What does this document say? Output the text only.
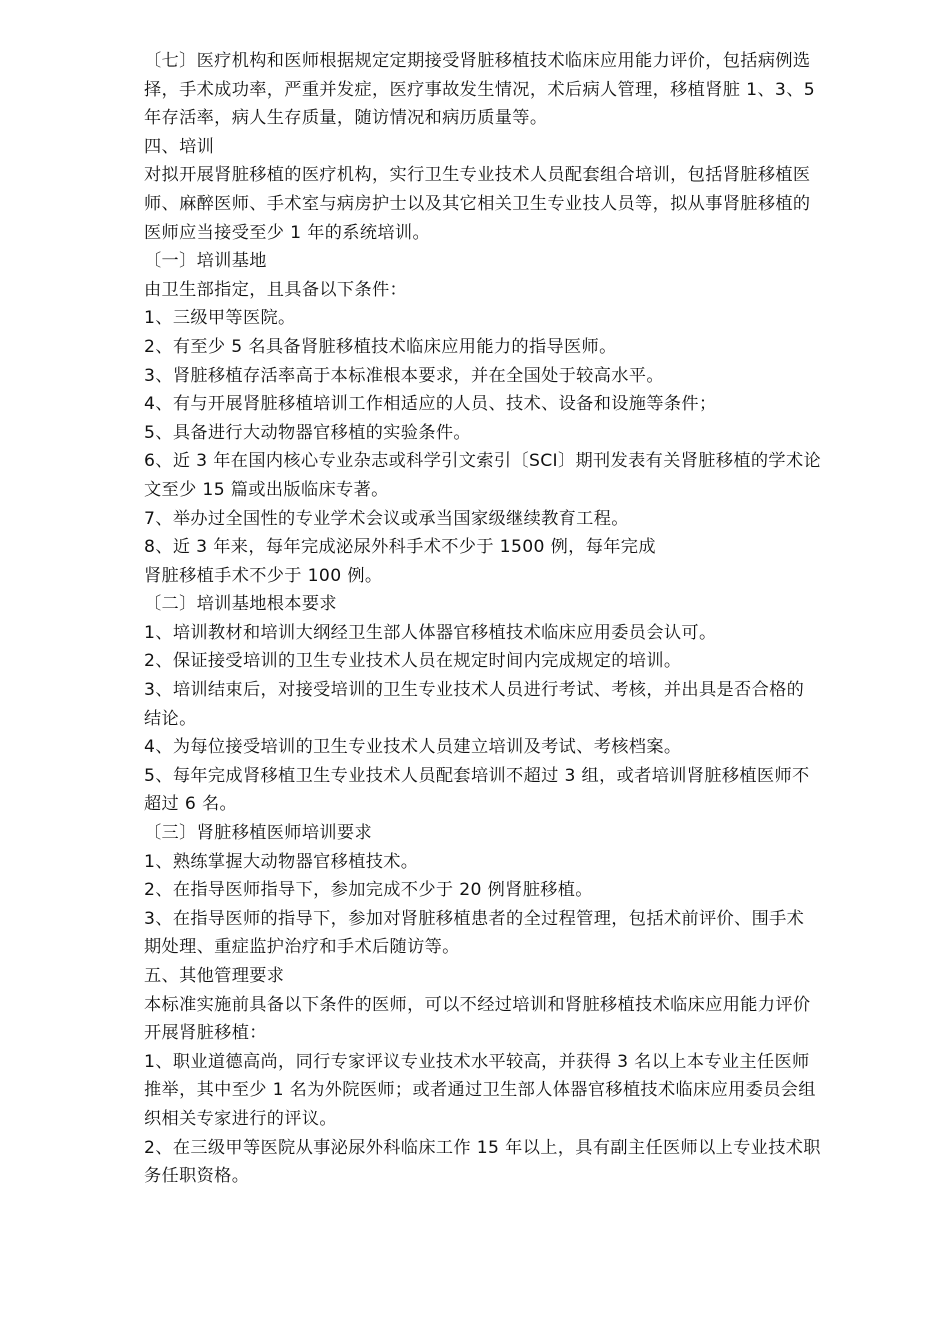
〔七〕医疗机构和医师根据规定定期接受肾脏移植技术临床应用能力评价，包括病例选
择，手术成功率，严重并发症，医疗事故发生情况，术后病人管理，移植肾脏 1、3、5
年存活率，病人生存质量，随访情况和病历质量等。
四、培训
对拟开展肾脏移植的医疗机构，实行卫生专业技术人员配套组合培训，包括肾脏移植医
师、麻醉医师、手术室与病房护士以及其它相关卫生专业技人员等，拟从事肾脏移植的
医师应当接受至少 1 年的系统培训。
〔一〕培训基地
由卫生部指定，且具备以下条件：
1、三级甲等医院。
2、有至少 5 名具备肾脏移植技术临床应用能力的指导医师。
3、肾脏移植存活率高于本标准根本要求，并在全国处于较高水平。
4、有与开展肾脏移植培训工作相适应的人员、技术、设备和设施等条件；
5、具备进行大动物器官移植的实验条件。
6、近 3 年在国内核心专业杂志或科学引文索引〔SCI〕期刊发表有关肾脏移植的学术论
文至少 15 篇或出版临床专著。
7、举办过全国性的专业学术会议或承当国家级继续教育工程。
8、近 3 年来，每年完成泌尿外科手术不少于 1500 例，每年完成
肾脏移植手术不少于 100 例。
〔二〕培训基地根本要求
1、培训教材和培训大纲经卫生部人体器官移植技术临床应用委员会认可。
2、保证接受培训的卫生专业技术人员在规定时间内完成规定的培训。
3、培训结束后，对接受培训的卫生专业技术人员进行考试、考核，并出具是否合格的
结论。
4、为每位接受培训的卫生专业技术人员建立培训及考试、考核档案。
5、每年完成肾移植卫生专业技术人员配套培训不超过 3 组，或者培训肾脏移植医师不
超过 6 名。
〔三〕肾脏移植医师培训要求
1、熟练掌握大动物器官移植技术。
2、在指导医师指导下，参加完成不少于 20 例肾脏移植。
3、在指导医师的指导下，参加对肾脏移植患者的全过程管理，包括术前评价、围手术
期处理、重症监护治疗和手术后随访等。
五、其他管理要求
本标准实施前具备以下条件的医师，可以不经过培训和肾脏移植技术临床应用能力评价
开展肾脏移植：
1、职业道德高尚，同行专家评议专业技术水平较高，并获得 3 名以上本专业主任医师
推举，其中至少 1 名为外院医师；或者通过卫生部人体器官移植技术临床应用委员会组
织相关专家进行的评议。
2、在三级甲等医院从事泌尿外科临床工作 15 年以上，具有副主任医师以上专业技术职
务任职资格。
